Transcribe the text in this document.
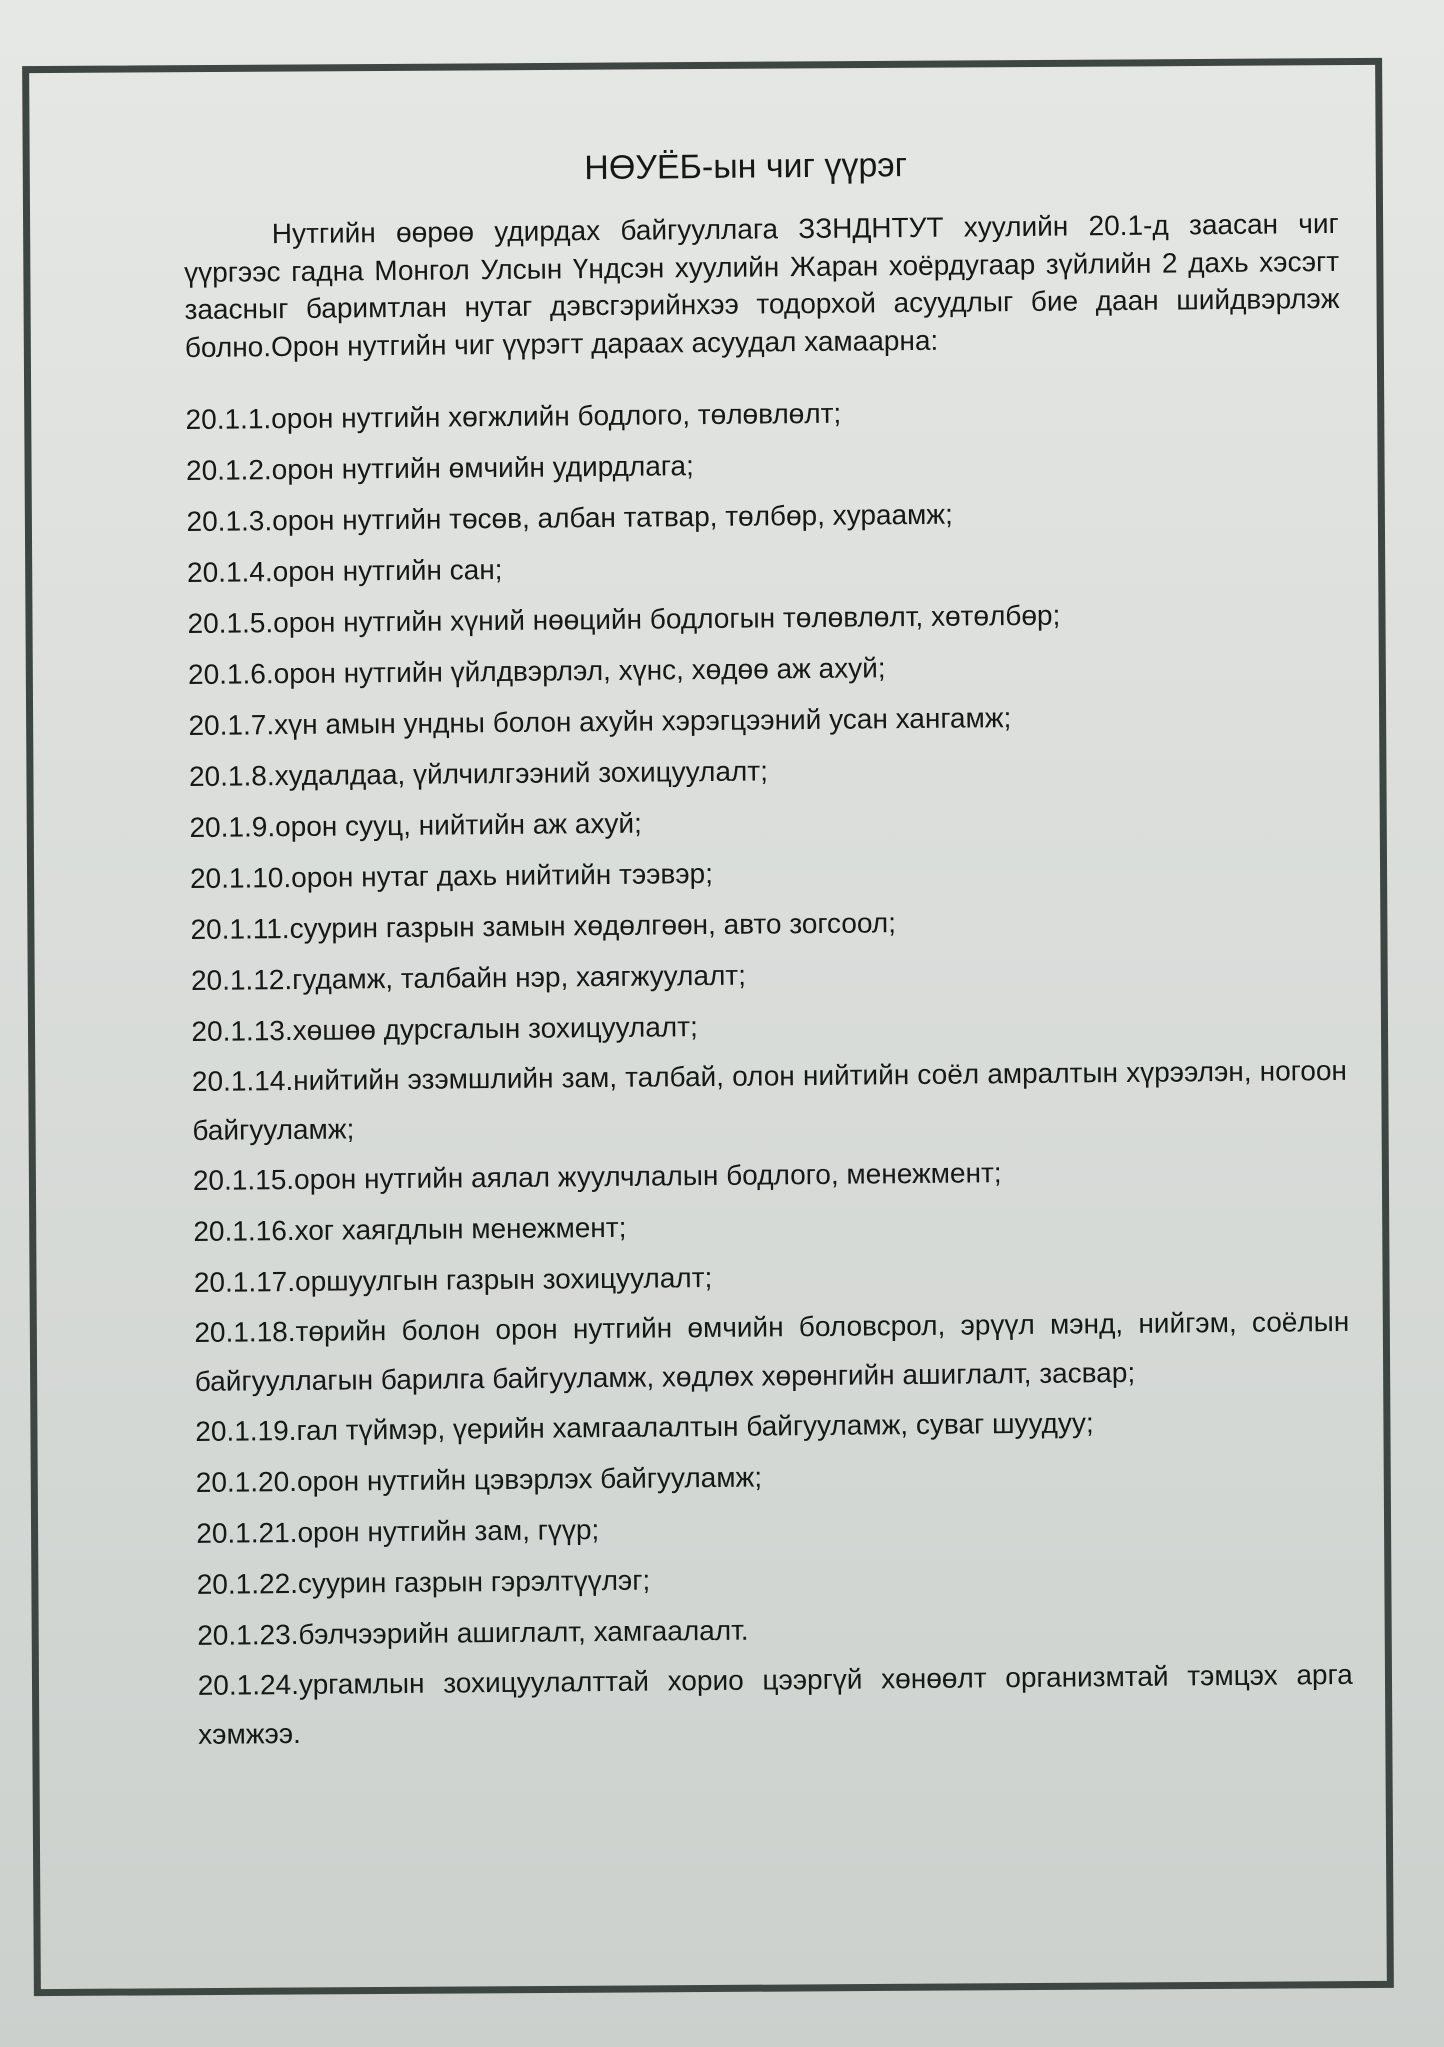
НӨУЁБ-ын чиг үүрэг

Нутгийн өөрөө удирдах байгууллага ЗЗНДНТУТ хуулийн 20.1-д заасан чиг үүргээс гадна Монгол Улсын Үндсэн хуулийн Жаран хоёрдугаар зүйлийн 2 дахь хэсэгт заасныг баримтлан нутаг дэвсгэрийнхээ тодорхой асуудлыг бие даан шийдвэрлэж болно.Орон нутгийн чиг үүрэгт дараах асуудал хамаарна:

20.1.1.орон нутгийн хөгжлийн бодлого, төлөвлөлт;
20.1.2.орон нутгийн өмчийн удирдлага;
20.1.3.орон нутгийн төсөв, албан татвар, төлбөр, хураамж;
20.1.4.орон нутгийн сан;
20.1.5.орон нутгийн хүний нөөцийн бодлогын төлөвлөлт, хөтөлбөр;
20.1.6.орон нутгийн үйлдвэрлэл, хүнс, хөдөө аж ахуй;
20.1.7.хүн амын ундны болон ахуйн хэрэгцээний усан хангамж;
20.1.8.худалдаа, үйлчилгээний зохицуулалт;
20.1.9.орон сууц, нийтийн аж ахуй;
20.1.10.орон нутаг дахь нийтийн тээвэр;
20.1.11.суурин газрын замын хөдөлгөөн, авто зогсоол;
20.1.12.гудамж, талбайн нэр, хаягжуулалт;
20.1.13.хөшөө дурсгалын зохицуулалт;
20.1.14.нийтийн эзэмшлийн зам, талбай, олон нийтийн соёл амралтын хүрээлэн, ногоон байгууламж;
20.1.15.орон нутгийн аялал жуулчлалын бодлого, менежмент;
20.1.16.хог хаягдлын менежмент;
20.1.17.оршуулгын газрын зохицуулалт;
20.1.18.төрийн болон орон нутгийн өмчийн боловсрол, эрүүл мэнд, нийгэм, соёлын байгууллагын барилга байгууламж, хөдлөх хөрөнгийн ашиглалт, засвар;
20.1.19.гал түймэр, үерийн хамгаалалтын байгууламж, суваг шуудуу;
20.1.20.орон нутгийн цэвэрлэх байгууламж;
20.1.21.орон нутгийн зам, гүүр;
20.1.22.суурин газрын гэрэлтүүлэг;
20.1.23.бэлчээрийн ашиглалт, хамгаалалт.
20.1.24.ургамлын зохицуулалттай хорио цээргүй хөнөөлт организмтай тэмцэх арга хэмжээ.
